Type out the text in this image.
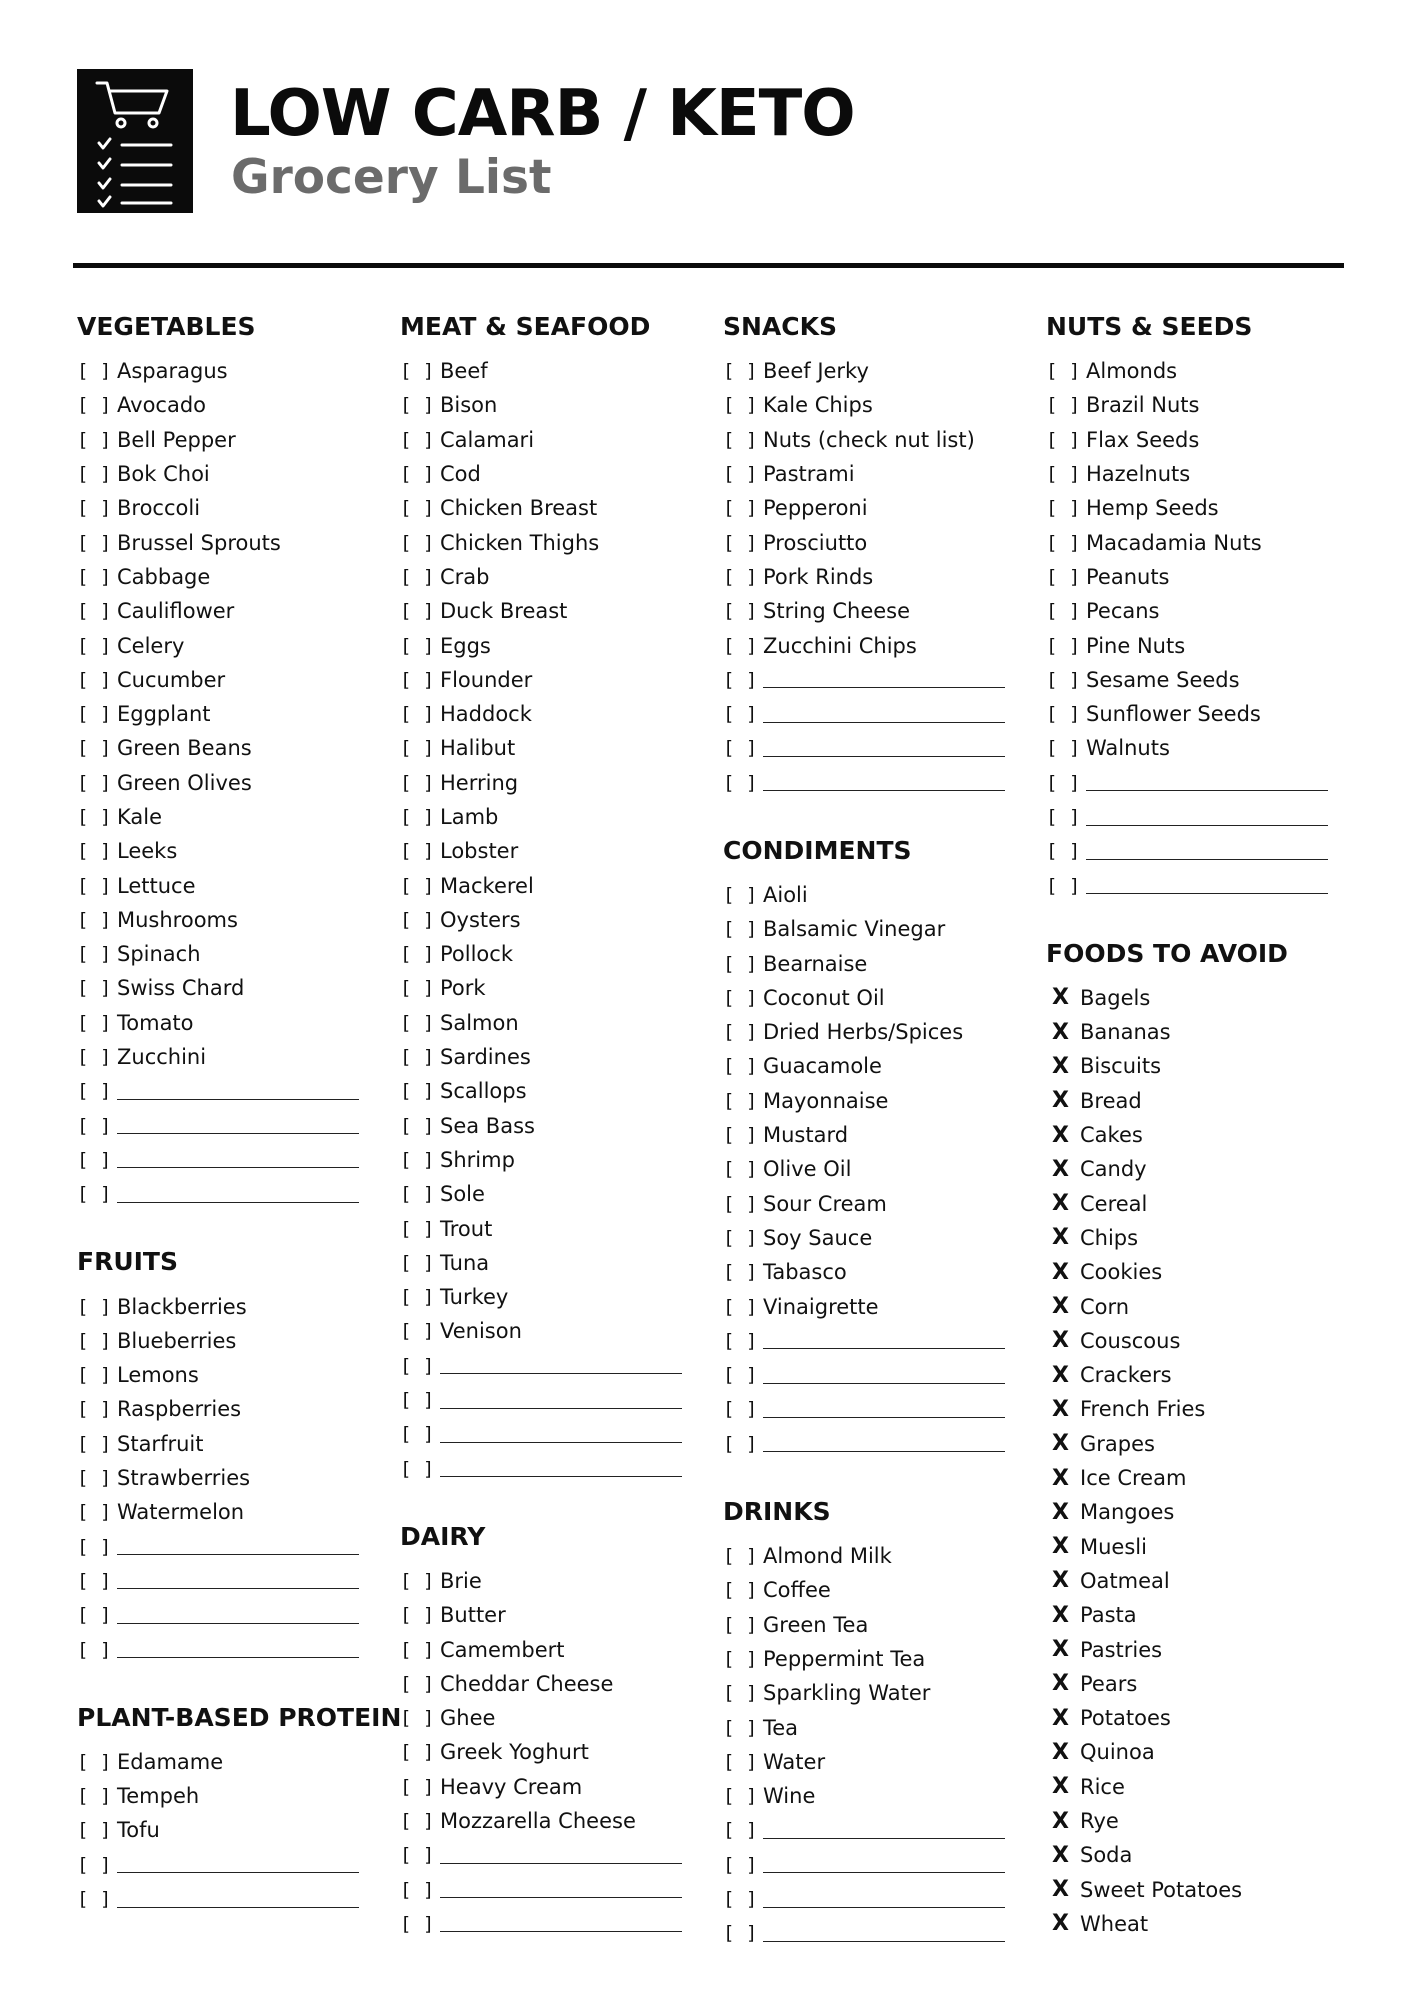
LOW CARB / KETO
Grocery List
VEGETABLES
[ ] Asparagus
[ ] Avocado
[ ] Bell Pepper
[ ] Bok Choi
[ ] Broccoli
[ ] Brussel Sprouts
[ ] Cabbage
[ ] Cauliflower
[ ] Celery
[ ] Cucumber
[ ] Eggplant
[ ] Green Beans
[ ] Green Olives
[ ] Kale
[ ] Leeks
[ ] Lettuce
[ ] Mushrooms
[ ] Spinach
[ ] Swiss Chard
[ ] Tomato
[ ] Zucchini
[ ]
[ ]
[ ]
[ ]
FRUITS
[ ] Blackberries
[ ] Blueberries
[ ] Lemons
[ ] Raspberries
[ ] Starfruit
[ ] Strawberries
[ ] Watermelon
[ ]
[ ]
[ ]
[ ]
PLANT-BASED PROTEIN
[ ] Edamame
[ ] Tempeh
[ ] Tofu
[ ]
[ ]
MEAT & SEAFOOD
[ ] Beef
[ ] Bison
[ ] Calamari
[ ] Cod
[ ] Chicken Breast
[ ] Chicken Thighs
[ ] Crab
[ ] Duck Breast
[ ] Eggs
[ ] Flounder
[ ] Haddock
[ ] Halibut
[ ] Herring
[ ] Lamb
[ ] Lobster
[ ] Mackerel
[ ] Oysters
[ ] Pollock
[ ] Pork
[ ] Salmon
[ ] Sardines
[ ] Scallops
[ ] Sea Bass
[ ] Shrimp
[ ] Sole
[ ] Trout
[ ] Tuna
[ ] Turkey
[ ] Venison
[ ]
[ ]
[ ]
[ ]
DAIRY
[ ] Brie
[ ] Butter
[ ] Camembert
[ ] Cheddar Cheese
[ ] Ghee
[ ] Greek Yoghurt
[ ] Heavy Cream
[ ] Mozzarella Cheese
[ ]
[ ]
[ ]
SNACKS
[ ] Beef Jerky
[ ] Kale Chips
[ ] Nuts (check nut list)
[ ] Pastrami
[ ] Pepperoni
[ ] Prosciutto
[ ] Pork Rinds
[ ] String Cheese
[ ] Zucchini Chips
[ ]
[ ]
[ ]
[ ]
CONDIMENTS
[ ] Aioli
[ ] Balsamic Vinegar
[ ] Bearnaise
[ ] Coconut Oil
[ ] Dried Herbs/Spices
[ ] Guacamole
[ ] Mayonnaise
[ ] Mustard
[ ] Olive Oil
[ ] Sour Cream
[ ] Soy Sauce
[ ] Tabasco
[ ] Vinaigrette
[ ]
[ ]
[ ]
[ ]
DRINKS
[ ] Almond Milk
[ ] Coffee
[ ] Green Tea
[ ] Peppermint Tea
[ ] Sparkling Water
[ ] Tea
[ ] Water
[ ] Wine
[ ]
[ ]
[ ]
[ ]
NUTS & SEEDS
[ ] Almonds
[ ] Brazil Nuts
[ ] Flax Seeds
[ ] Hazelnuts
[ ] Hemp Seeds
[ ] Macadamia Nuts
[ ] Peanuts
[ ] Pecans
[ ] Pine Nuts
[ ] Sesame Seeds
[ ] Sunflower Seeds
[ ] Walnuts
[ ]
[ ]
[ ]
[ ]
FOODS TO AVOID
X Bagels
X Bananas
X Biscuits
X Bread
X Cakes
X Candy
X Cereal
X Chips
X Cookies
X Corn
X Couscous
X Crackers
X French Fries
X Grapes
X Ice Cream
X Mangoes
X Muesli
X Oatmeal
X Pasta
X Pastries
X Pears
X Potatoes
X Quinoa
X Rice
X Rye
X Soda
X Sweet Potatoes
X Wheat
